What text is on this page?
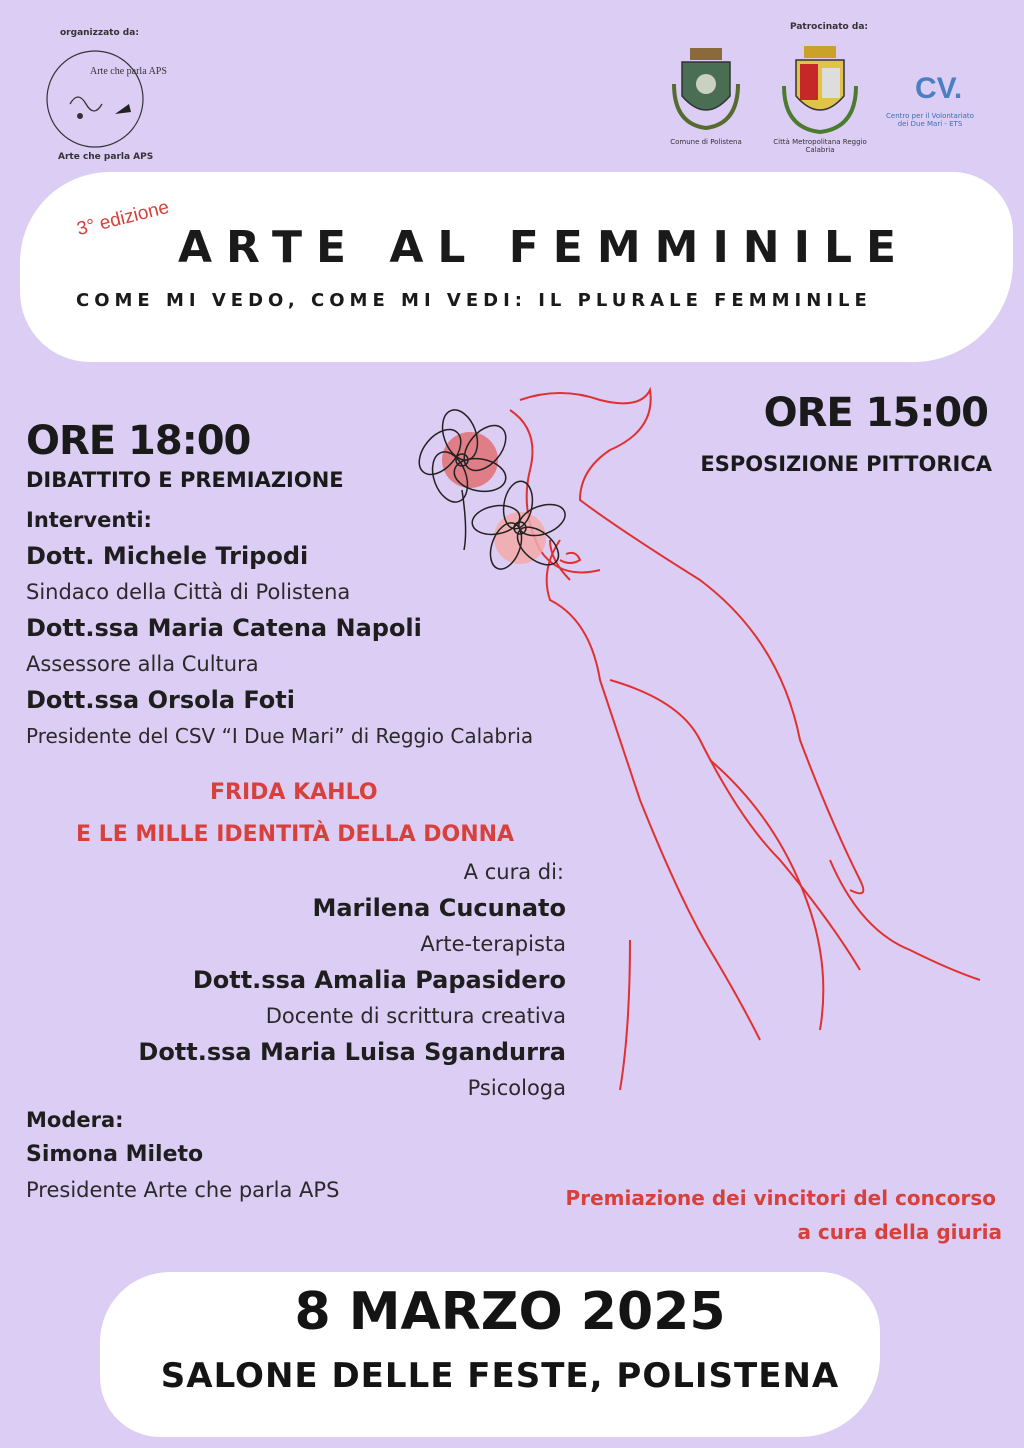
organizzato da:
Arte che parla APS
Arte che parla APS
Patrocinato da:
Comune di Polistena	Città Metropolitana Reggio Calabria
CV.
Centro per il Volontariato dei Due Mari - ETS
3° edizione
ARTE AL FEMMINILE
COME MI VEDO, COME MI VEDI: IL PLURALE FEMMINILE
ORE 15:00
ESPOSIZIONE PITTORICA
ORE 18:00
DIBATTITO E PREMIAZIONE
Interventi:
Dott. Michele Tripodi
Sindaco della Città di Polistena
Dott.ssa Maria Catena Napoli
Assessore alla Cultura
Dott.ssa Orsola Foti
Presidente del CSV “I Due Mari” di Reggio Calabria
FRIDA KAHLO
E LE MILLE IDENTITÀ DELLA DONNA
A cura di:
Marilena Cucunato
Arte-terapista
Dott.ssa Amalia Papasidero
Docente di scrittura creativa
Dott.ssa Maria Luisa Sgandurra
Psicologa
Modera:
Simona Mileto
Presidente Arte che parla APS	Premiazione dei vincitori del concorso
a cura della giuria
8 MARZO 2025
SALONE DELLE FESTE, POLISTENA
